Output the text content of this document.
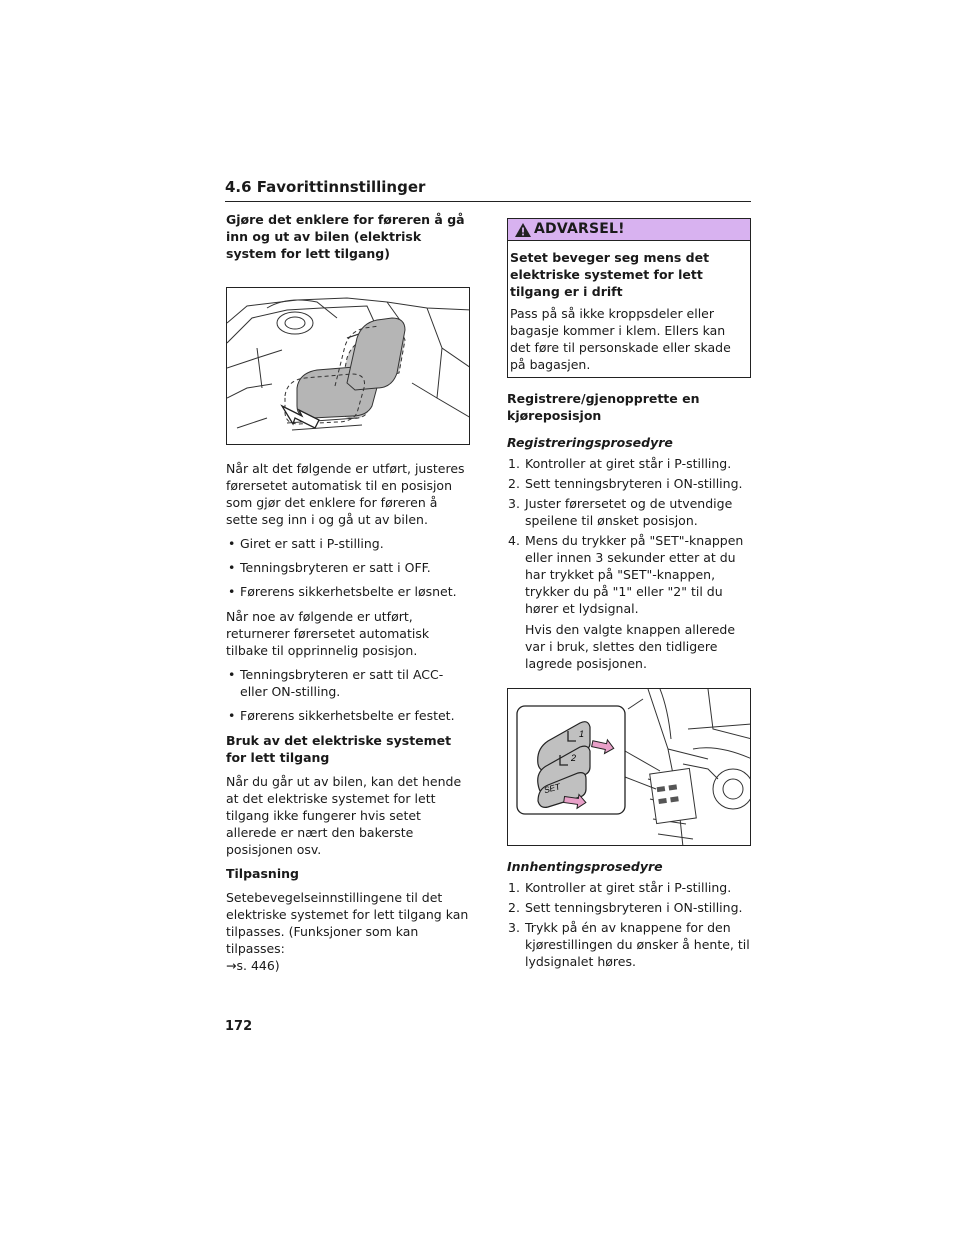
4.6 Favorittinnstillinger
Gjøre det enklere for føreren å gå inn og ut av bilen (elektrisk system for lett tilgang)

Når alt det følgende er utført, justeres førersetet automatisk til en posisjon som gjør det enklere for føreren å sette seg inn i og gå ut av bilen.

• Giret er satt i P-stilling.
• Tenningsbryteren er satt i OFF.
• Førerens sikkerhetsbelte er løsnet.

Når noe av følgende er utført, returnerer førersetet automatisk tilbake til opprinnelig posisjon.

• Tenningsbryteren er satt til ACC- eller ON-stilling.
• Førerens sikkerhetsbelte er festet.
Bruk av det elektriske systemet for lett tilgang

Når du går ut av bilen, kan det hende at det elektriske systemet for lett tilgang ikke fungerer hvis setet allerede er nært den bakerste posisjonen osv.

Tilpasning

Setebevegelseinnstillingene til det elektriske systemet for lett tilgang kan tilpasses. (Funksjoner som kan tilpasses:
→s. 446)

ADVARSEL!
Setet beveger seg mens det elektriske systemet for lett tilgang er i drift
Pass på så ikke kroppsdeler eller bagasje kommer i klem. Ellers kan det føre til personskade eller skade på bagasjen.
Registrere/gjenopprette en kjøreposisjon
Registreringsprosedyre
1. Kontroller at giret står i P-stilling.
2. Sett tenningsbryteren i ON-stilling.
3. Juster førersetet og de utvendige speilene til ønsket posisjon.
4. Mens du trykker på "SET"-knappen eller innen 3 sekunder etter at du har trykket på "SET"-knappen, trykker du på "1" eller "2" til du hører et lydsignal.
Hvis den valgte knappen allerede var i bruk, slettes den tidligere lagrede posisjonen.
1
2
SET
Innhentingsprosedyre
1. Kontroller at giret står i P-stilling.
2. Sett tenningsbryteren i ON-stilling.
3. Trykk på én av knappene for den kjørestillingen du ønsker å hente, til lydsignalet høres.
172
